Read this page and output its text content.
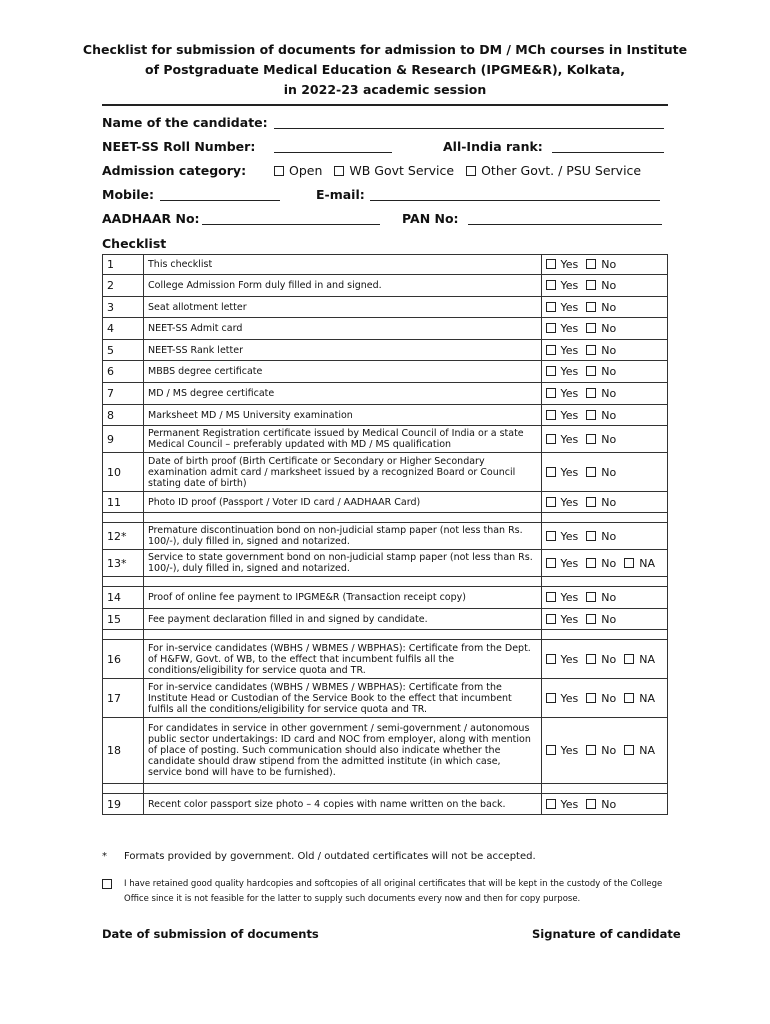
Checklist for submission of documents for admission to DM / MCh courses in Institute
of Postgraduate Medical Education & Research (IPGME&R), Kolkata,
in 2022-23 academic session
Name of the candidate:
NEET-SS Roll Number:	All-India rank:
Admission category:	Open WB Govt Service Other Govt. / PSU Service
Mobile:	E-mail:
AADHAAR No:	PAN No:
Checklist
1	This checklist	Yes No
2	College Admission Form duly filled in and signed.	Yes No
3	Seat allotment letter	Yes No
4	NEET-SS Admit card	Yes No
5	NEET-SS Rank letter	Yes No
6	MBBS degree certificate	Yes No
7	MD / MS degree certificate	Yes No
8	Marksheet MD / MS University examination	Yes No
9	Permanent Registration certificate issued by Medical Council of India or a state Medical Council – preferably updated with MD / MS qualification	Yes No
10	Date of birth proof (Birth Certificate or Secondary or Higher Secondary examination admit card / marksheet issued by a recognized Board or Council stating date of birth)	Yes No
11	Photo ID proof (Passport / Voter ID card / AADHAAR Card)	Yes No

12*	Premature discontinuation bond on non-judicial stamp paper (not less than Rs. 100/-), duly filled in, signed and notarized.	Yes No
13*	Service to state government bond on non-judicial stamp paper (not less than Rs. 100/-), duly filled in, signed and notarized.	Yes No NA

14	Proof of online fee payment to IPGME&R (Transaction receipt copy)	Yes No
15	Fee payment declaration filled in and signed by candidate.	Yes No

16	For in-service candidates (WBHS / WBMES / WBPHAS): Certificate from the Dept. of H&FW, Govt. of WB, to the effect that incumbent fulfils all the conditions/eligibility for service quota and TR.	Yes No NA
17	For in-service candidates (WBHS / WBMES / WBPHAS): Certificate from the Institute Head or Custodian of the Service Book to the effect that incumbent fulfils all the conditions/eligibility for service quota and TR.	Yes No NA
18	For candidates in service in other government / semi-government / autonomous public sector undertakings: ID card and NOC from employer, along with mention of place of posting. Such communication should also indicate whether the candidate should draw stipend from the admitted institute (in which case, service bond will have to be furnished).	Yes No NA

19	Recent color passport size photo – 4 copies with name written on the back.	Yes No
* Formats provided by government. Old / outdated certificates will not be accepted.
I have retained good quality hardcopies and softcopies of all original certificates that will be kept in the custody of the College
Office since it is not feasible for the latter to supply such documents every now and then for copy purpose.
Date of submission of documents	Signature of candidate
